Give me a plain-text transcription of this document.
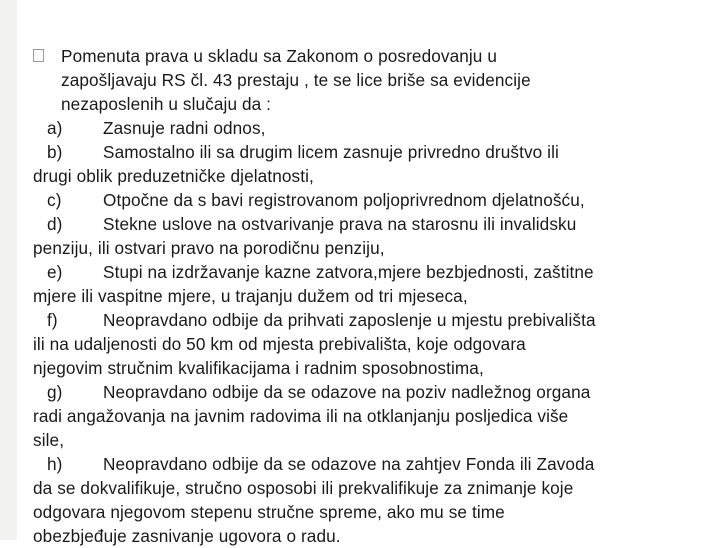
Pomenuta prava u skladu sa Zakonom o posredovanju u

zapošljavaju RS čl. 43 prestaju , te se lice briše sa evidencije

nezaposlenih u slučaju da :

a) Zasnuje radni odnos,

b) Samostalno ili sa drugim licem zasnuje privredno društvo ili

drugi oblik preduzetničke djelatnosti,

c) Otpočne da s bavi registrovanom poljoprivrednom djelatnošću,

d) Stekne uslove na ostvarivanje prava na starosnu ili invalidsku

penziju, ili ostvari pravo na porodičnu penziju,

e) Stupi na izdržavanje kazne zatvora,mjere bezbjednosti, zaštitne

mjere ili vaspitne mjere, u trajanju dužem od tri mjeseca,

f)	Neopravdano odbije da prihvati zaposlenje u mjestu prebivališta

ili na udaljenosti do 50 km od mjesta prebivališta, koje odgovara

njegovim stručnim kvalifikacijama i radnim sposobnostima,

g) Neopravdano odbije da se odazove na poziv nadležnog organa

radi angažovanja na javnim radovima ili na otklanjanju posljedica više

sile,

h) Neopravdano odbije da se odazove na zahtjev Fonda ili Zavoda

da se dokvalifikuje, stručno osposobi ili prekvalifikuje za znimanje koje

odgovara njegovom stepenu stručne spreme, ako mu se time

obezbjeđuje zasnivanje ugovora o radu.
